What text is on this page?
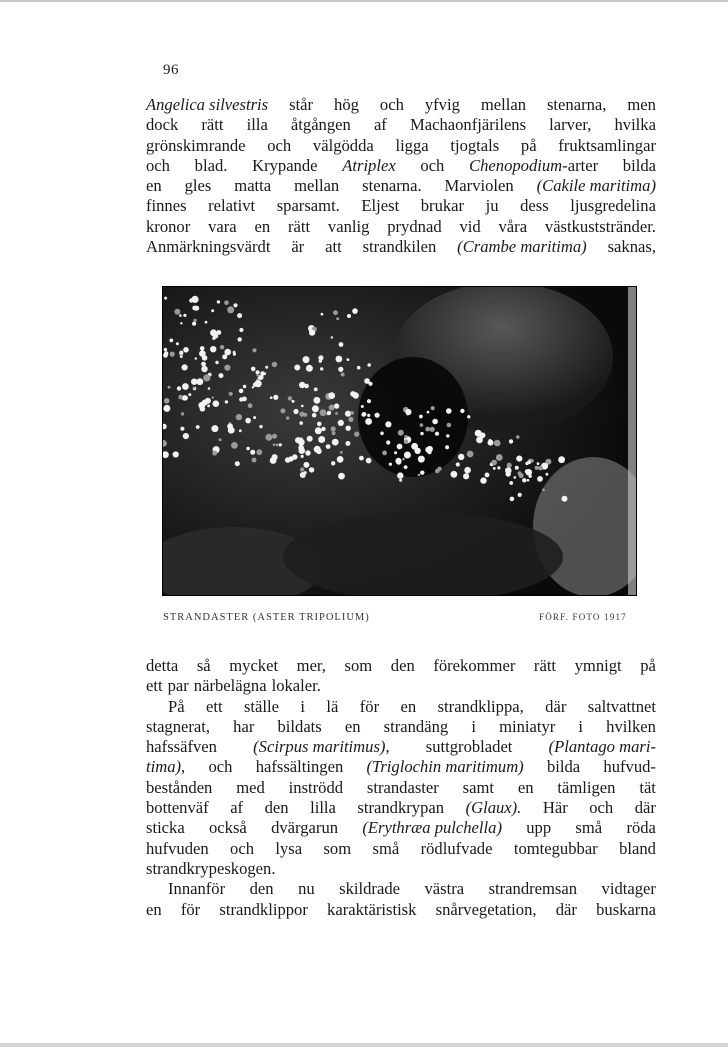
96
Angelica silvestris står hög och yfvig mellan stenarna, men
dock rätt illa åtgången af Machaonfjärilens larver, hvilka
grönskimrande och välgödda ligga tjogtals på fruktsamlingar
och blad. Krypande Atriplex och Chenopodium-arter bilda
en gles matta mellan stenarna. Marviolen (Cakile maritima)
finnes relativt sparsamt. Eljest brukar ju dess ljusgredelina
kronor vara en rätt vanlig prydnad vid våra västkuststränder.
Anmärkningsvärdt är att strandkilen (Crambe maritima) saknas,
STRANDASTER (ASTER TRIPOLIUM)	FÖRF. FOTO 1917
detta så mycket mer, som den förekommer rätt ymnigt på
ett par närbelägna lokaler.
På ett ställe i lä för en strandklippa, där saltvattnet
stagnerat, har bildats en strandäng i miniatyr i hvilken
hafssäfven (Scirpus maritimus), suttgrobladet (Plantago mari-
tima), och hafssältingen (Triglochin maritimum) bilda hufvud-
bestånden med inströdd strandaster samt en tämligen tät
bottenväf af den lilla strandkrypan (Glaux). Här och där
sticka också dvärgarun (Erythræa pulchella) upp små röda
hufvuden och lysa som små rödlufvade tomtegubbar bland
strandkrypeskogen.
Innanför den nu skildrade västra strandremsan vidtager
en för strandklippor karaktäristisk snårvegetation, där buskarna
